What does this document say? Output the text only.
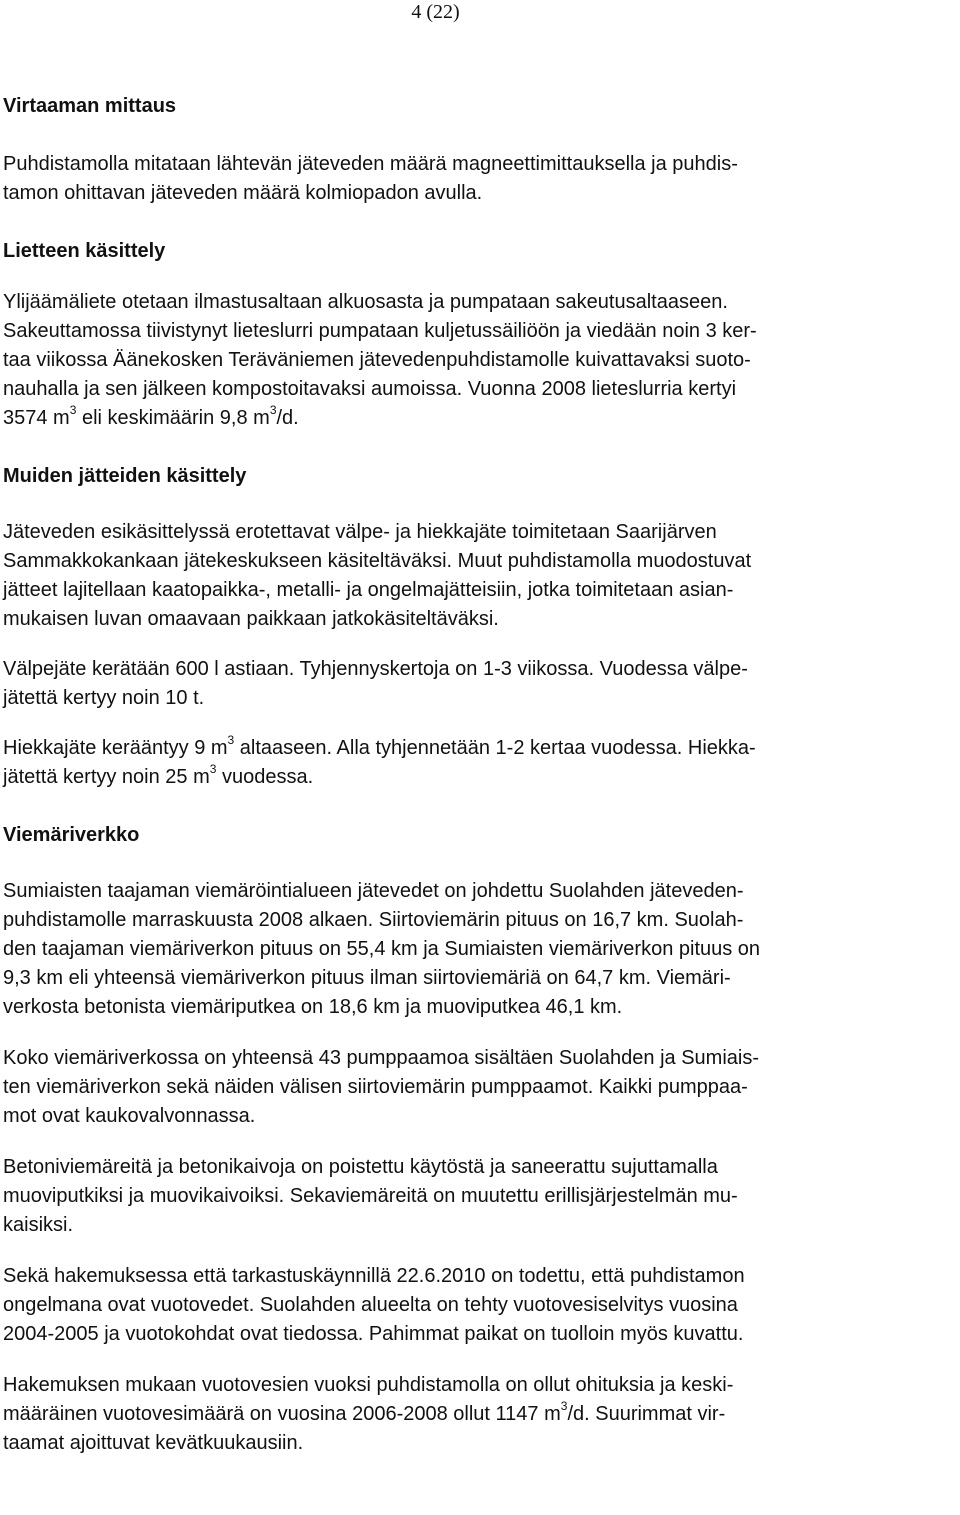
4 (22)
Virtaaman mittaus

Puhdistamolla mitataan lähtevän jäteveden määrä magneettimittauksella ja puhdis-
tamon ohittavan jäteveden määrä kolmiopadon avulla.

Lietteen käsittely

Ylijäämäliete otetaan ilmastusaltaan alkuosasta ja pumpataan sakeutusaltaaseen.
Sakeuttamossa tiivistynyt lieteslurri pumpataan kuljetussäiliöön ja viedään noin 3 ker-
taa viikossa Äänekosken Teräväniemen jätevedenpuhdistamolle kuivattavaksi suoto-
nauhalla ja sen jälkeen kompostoitavaksi aumoissa. Vuonna 2008 lieteslurria kertyi
3574 $m^3$ eli keskimäärin 9,8 $m^3/d$.

Muiden jätteiden käsittely

Jäteveden esikäsittelyssä erotettavat välpe- ja hiekkajäte toimitetaan Saarijärven
Sammakkokankaan jätekeskukseen käsiteltäväksi. Muut puhdistamolla muodostuvat
jätteet lajitellaan kaatopaikka-, metalli- ja ongelmajätteisiin, jotka toimitetaan asian-
mukaisen luvan omaavaan paikkaan jatkokäsiteltäväksi.

Välpejäte kerätään 600 l astiaan. Tyhjennyskertoja on 1-3 viikossa. Vuodessa välpe-
jätettä kertyy noin 10 t.

Hiekkajäte kerääntyy 9 $m^3$ altaaseen. Alla tyhjennetään 1-2 kertaa vuodessa. Hiekka-
jätettä kertyy noin 25 $m^3$ vuodessa.

Viemäriverkko

Sumiaisten taajaman viemäröintialueen jätevedet on johdettu Suolahden jäteveden-
puhdistamolle marraskuusta 2008 alkaen. Siirtoviemärin pituus on 16,7 km. Suolah-
den taajaman viemäriverkon pituus on 55,4 km ja Sumiaisten viemäriverkon pituus on
9,3 km eli yhteensä viemäriverkon pituus ilman siirtoviemäriä on 64,7 km. Viemäri-
verkosta betonista viemäriputkea on 18,6 km ja muoviputkea 46,1 km.

Koko viemäriverkossa on yhteensä 43 pumppaamoa sisältäen Suolahden ja Sumiais-
ten viemäriverkon sekä näiden välisen siirtoviemärin pumppaamot. Kaikki pumppaa-
mot ovat kaukovalvonnassa.

Betoniviemäreitä ja betonikaivoja on poistettu käytöstä ja saneerattu sujuttamalla
muoviputkiksi ja muovikaivoiksi. Sekaviemäreitä on muutettu erillisjärjestelmän mu-
kaisiksi.

Sekä hakemuksessa että tarkastuskäynnillä 22.6.2010 on todettu, että puhdistamon
ongelmana ovat vuotovedet. Suolahden alueelta on tehty vuotovesiselvitys vuosina
2004-2005 ja vuotokohdat ovat tiedossa. Pahimmat paikat on tuolloin myös kuvattu.

Hakemuksen mukaan vuotovesien vuoksi puhdistamolla on ollut ohituksia ja keski-
määräinen vuotovesimäärä on vuosina 2006-2008 ollut 1147 $m^3/d$. Suurimmat vir-
taamat ajoittuvat kevätkuukausiin.
